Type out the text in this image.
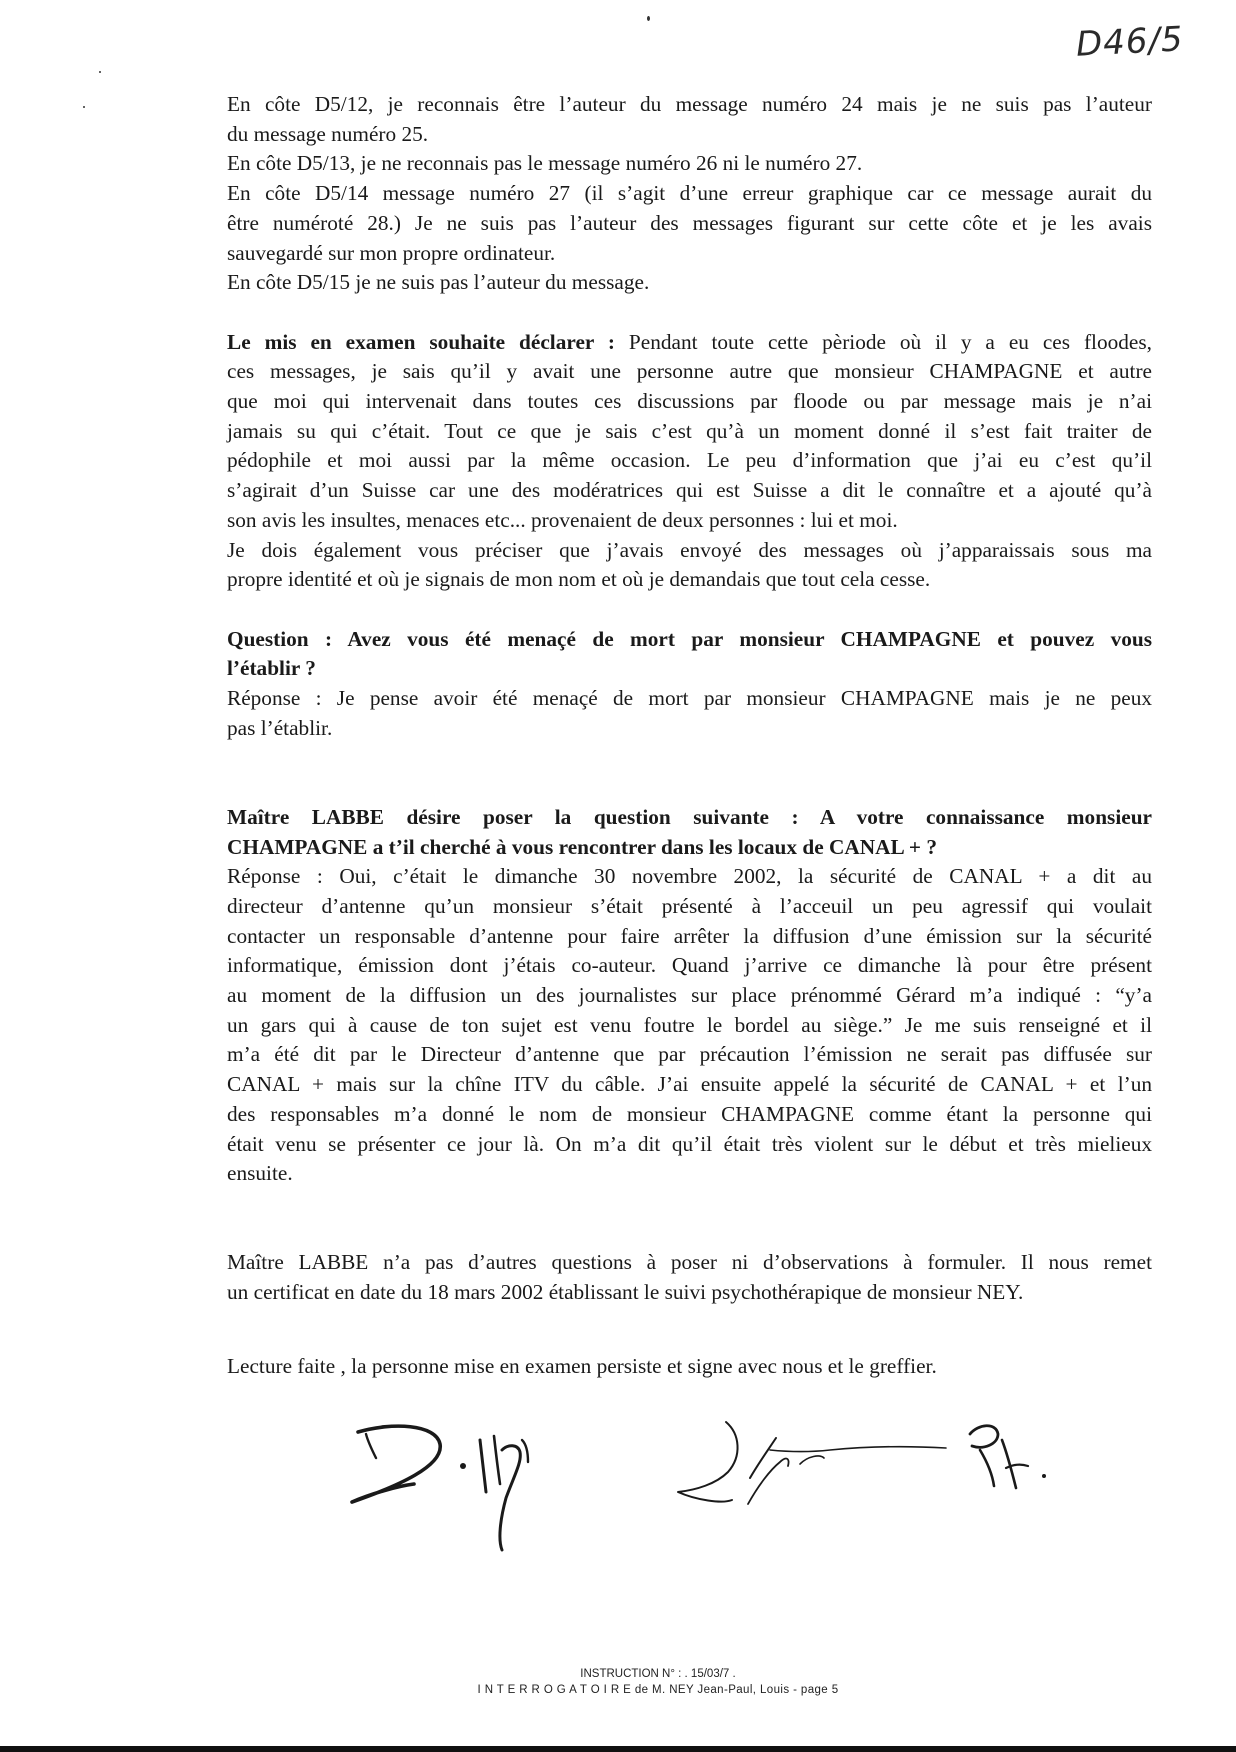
D46/5

En côte D5/12, je reconnais être l’auteur du message numéro 24 mais je ne suis pas l’auteur

du message numéro 25.

En côte D5/13, je ne reconnais pas le message numéro 26 ni le numéro 27.

En côte D5/14 message numéro 27 (il s’agit d’une erreur graphique car ce message aurait du

être numéroté 28.) Je ne suis pas l’auteur des messages figurant sur cette côte et je les avais

sauvegardé sur mon propre ordinateur.

En côte D5/15 je ne suis pas l’auteur du message.

Le mis en examen souhaite déclarer : Pendant toute cette pèriode où il y a eu ces floodes,

ces messages, je sais qu’il y avait une personne autre que monsieur CHAMPAGNE et autre

que moi qui intervenait dans toutes ces discussions par floode ou par message mais je n’ai

jamais su qui c’était. Tout ce que je sais c’est qu’à un moment donné il s’est fait traiter de

pédophile et moi aussi par la même occasion. Le peu d’information que j’ai eu c’est qu’il

s’agirait d’un Suisse car une des modératrices qui est Suisse a dit le connaître et a ajouté qu’à

son avis les insultes, menaces etc... provenaient de deux personnes : lui et moi.

Je dois également vous préciser que j’avais envoyé des messages où j’apparaissais sous ma

propre identité et où je signais de mon nom et où je demandais que tout cela cesse.

Question : Avez vous été menaçé de mort par monsieur CHAMPAGNE et pouvez vous

l’établir ?

Réponse : Je pense avoir été menaçé de mort par monsieur CHAMPAGNE mais je ne peux

pas l’établir.

Maître LABBE désire poser la question suivante : A votre connaissance monsieur

CHAMPAGNE a t’il cherché à vous rencontrer dans les locaux de CANAL + ?

Réponse : Oui, c’était le dimanche 30 novembre 2002, la sécurité de CANAL + a dit au

directeur d’antenne qu’un monsieur s’était présenté à l’acceuil un peu agressif qui voulait

contacter un responsable d’antenne pour faire arrêter la diffusion d’une émission sur la sécurité

informatique, émission dont j’étais co-auteur. Quand j’arrive ce dimanche là pour être présent

au moment de la diffusion un des journalistes sur place prénommé Gérard m’a indiqué : “y’a

un gars qui à cause de ton sujet est venu foutre le bordel au siège.” Je me suis renseigné et il

m’a été dit par le Directeur d’antenne que par précaution l’émission ne serait pas diffusée sur

CANAL + mais sur la chîne ITV du câble. J’ai ensuite appelé la sécurité de CANAL + et l’un

des responsables m’a donné le nom de monsieur CHAMPAGNE comme étant la personne qui

était venu se présenter ce jour là. On m’a dit qu’il était très violent sur le début et très mielieux

ensuite.

Maître LABBE n’a pas d’autres questions à poser ni d’observations à formuler. Il nous remet

un certificat en date du 18 mars 2002 établissant le suivi psychothérapique de monsieur NEY.

Lecture faite , la personne mise en examen persiste et signe avec nous et le greffier.

INSTRUCTION N° : . 15/03/7 .
I N T E R R O G A T O I R E de M. NEY Jean-Paul, Louis - page 5
